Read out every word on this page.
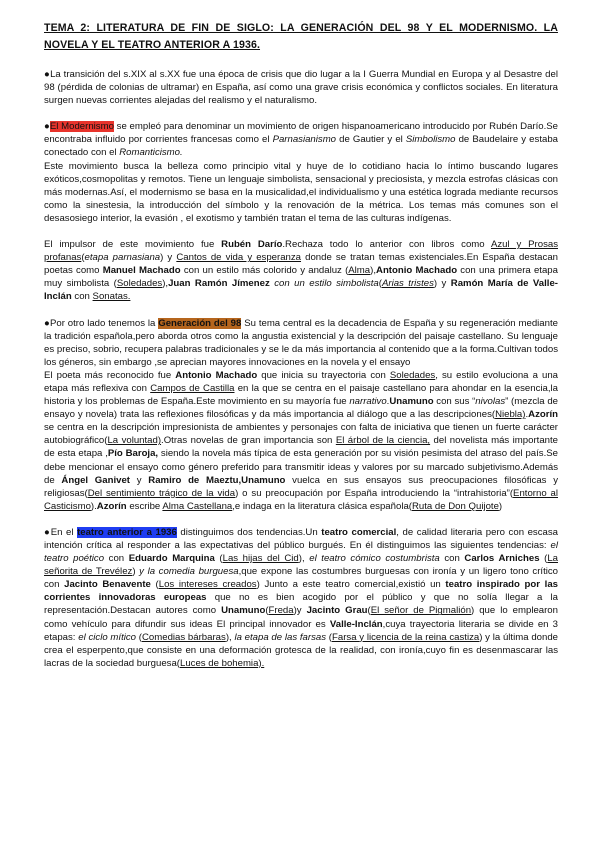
TEMA 2: LITERATURA DE FIN DE SIGLO: LA GENERACIÓN DEL 98 Y EL MODERNISMO. LA NOVELA Y EL TEATRO ANTERIOR A 1936.

●La transición del s.XIX al s.XX fue una época de crisis que dio lugar a la I Guerra Mundial en Europa y al Desastre del 98 (pérdida de colonias de ultramar) en España, así como una grave crisis económica y conflictos sociales. En literatura surgen nuevas corrientes alejadas del realismo y el naturalismo.

●El Modernismo se empleó para denominar un movimiento de origen hispanoamericano introducido por Rubén Darío.Se encontraba influido por corrientes francesas como el Parnasianismo de Gautier y el Simbolismo de Baudelaire y estaba conectado con el Romanticismo.

Este movimiento busca la belleza como principio vital y huye de lo cotidiano hacia lo íntimo buscando lugares exóticos,cosmopolitas y remotos. Tiene un lenguaje simbolista, sensacional y preciosista, y mezcla estrofas clásicas con más modernas.Así, el modernismo se basa en la musicalidad,el individualismo y una estética lograda mediante recursos como la sinestesia, la introducción del símbolo y la renovación de la métrica. Los temas más comunes son el desasosiego interior, la evasión , el exotismo y también tratan el tema de las culturas indígenas.

El impulsor de este movimiento fue Rubén Darío.Rechaza todo lo anterior con libros como Azul y Prosas profanas(etapa parnasiana) y Cantos de vida y esperanza donde se tratan temas existenciales.En España destacan poetas como Manuel Machado con un estilo más colorido y andaluz (Alma),Antonio Machado con una primera etapa muy simbolista (Soledades),Juan Ramón Jímenez con un estilo simbolista(Arias tristes) y Ramón María de Valle-Inclán con Sonatas.

●Por otro lado tenemos la Generación del 98 Su tema central es la decadencia de España y su regeneración mediante la tradición española,pero aborda otros como la angustia existencial y la descripción del paisaje castellano. Su lenguaje es preciso, sobrio, recupera palabras tradicionales y se le da más importancia al contenido que a la forma.Cultivan todos los géneros, sin embargo ,se aprecian mayores innovaciones en la novela y el ensayo

El poeta más reconocido fue Antonio Machado que inicia su trayectoria con Soledades, su estilo evoluciona a una etapa más reflexiva con Campos de Castilla en la que se centra en el paisaje castellano para ahondar en la esencia,la historia y los problemas de España.Este movimiento en su mayoría fue narrativo.Unamuno con sus “nivolas” (mezcla de ensayo y novela) trata las reflexiones filosóficas y da más importancia al diálogo que a las descripciones(Niebla).Azorín se centra en la descripción impresionista de ambientes y personajes con falta de iniciativa que tienen un fuerte carácter autobiográfico(La voluntad).Otras novelas de gran importancia son El árbol de la ciencia, del novelista más importante de esta etapa ,Pío Baroja, siendo la novela más típica de esta generación por su visión pesimista del atraso del país.Se debe mencionar el ensayo como género preferido para transmitir ideas y valores por su marcado subjetivismo.Además de Ángel Ganivet y Ramiro de Maeztu,Unamuno vuelca en sus ensayos sus preocupaciones filosóficas y religiosas(Del sentimiento trágico de la vida) o su preocupación por España introduciendo la “intrahistoria”(Entorno al Casticismo).Azorín escribe Alma Castellana,e indaga en la literatura clásica española(Ruta de Don Quijote)

●En el teatro anterior a 1936 distinguimos dos tendencias.Un teatro comercial, de calidad literaria pero con escasa intención crítica al responder a las expectativas del público burgués. En él distinguimos las siguientes tendencias: el teatro poético con Eduardo Marquina (Las hijas del Cid), el teatro cómico costumbrista con Carlos Arniches (La señorita de Trevélez) y la comedia burguesa,que expone las costumbres burguesas con ironía y un ligero tono crítico con Jacinto Benavente (Los intereses creados) Junto a este teatro comercial,existió un teatro inspirado por las corrientes innovadoras europeas que no es bien acogido por el público y que no solía llegar a la representación.Destacan autores como Unamuno(Freda)y Jacinto Grau(El señor de Pigmalión) que lo emplearon como vehículo para difundir sus ideas El principal innovador es Valle-Inclán,cuya trayectoria literaria se divide en 3 etapas: el ciclo mítico (Comedias bárbaras), la etapa de las farsas (Farsa y licencia de la reina castiza) y la última donde crea el esperpento,que consiste en una deformación grotesca de la realidad, con ironía,cuyo fin es desenmascarar las lacras de la sociedad burguesa(Luces de bohemia).
